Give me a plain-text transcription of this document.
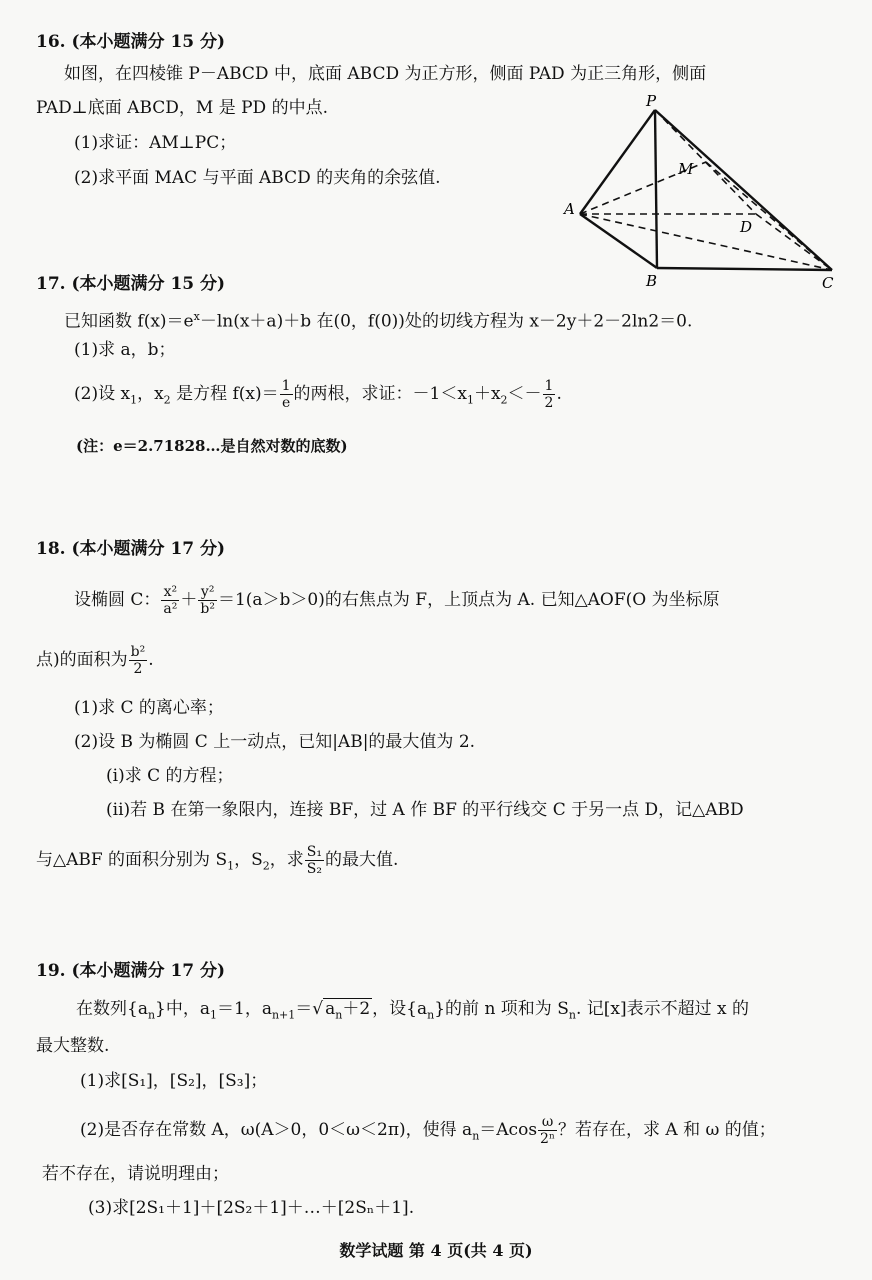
16. (本小题满分 15 分)
如图，在四棱锥 P－ABCD 中，底面 ABCD 为正方形，侧面 PAD 为正三角形，侧面
PAD⊥底面 ABCD，M 是 PD 的中点.
(1)求证：AM⊥PC；
(2)求平面 MAC 与平面 ABCD 的夹角的余弦值.
P
M
A
D
B	C
17. (本小题满分 15 分)
已知函数 $f(x)=e^x-\ln(x+a)+b$ 在(0，f(0))处的切线方程为 x－2y＋2－2ln2＝0.
(1)求 a，b；
(2)设 $x_1$，$x_2$ 是方程 $f(x)= \frac{1}{e}$ 的两根，求证：$-1<x_1+x_2<- \frac{1}{2}$ .
(注：e＝2.71828…是自然对数的底数)
18. (本小题满分 17 分)
设椭圆 C： $\frac{\text{x²}}{\text{a²}} + \frac{\text{y²}}{\text{b²}} =1(a>b>0)$的右焦点为 F，上顶点为 A. 已知△AOF(O 为坐标原
点)的面积为 $\frac{\text{b²}}{2}$ .
(1)求 C 的离心率；
(2)设 B 为椭圆 C 上一动点，已知|AB|的最大值为 2.
(i)求 C 的方程；
(ii)若 B 在第一象限内，连接 BF，过 A 作 BF 的平行线交 C 于另一点 D，记△ABD
与△ABF 的面积分别为 $S_1$，$S_2$，求 $\frac{\text{S₁}}{\text{S₂}}$ 的最大值.
19. (本小题满分 17 分)
在数列$\{a_n\}$中，$a_1=1$，$a_{n+1}=√$ $a_n+2$ ，设$\{a_n\}$的前 n 项和为 $S_n$. 记[x]表示不超过 x 的
最大整数.
(1)求[S₁]，[S₂]，[S₃]；
(2)是否存在常数 A，ω(A＞0，0＜ω＜2π)，使得 $a_n=Acos \frac{\omega}{\text{2ⁿ}}$ ？若存在，求 A 和 ω 的值；
若不存在，请说明理由；
(3)求[2S₁＋1]＋[2S₂＋1]＋…＋[2Sₙ＋1].
数学试题 第 4 页(共 4 页)
